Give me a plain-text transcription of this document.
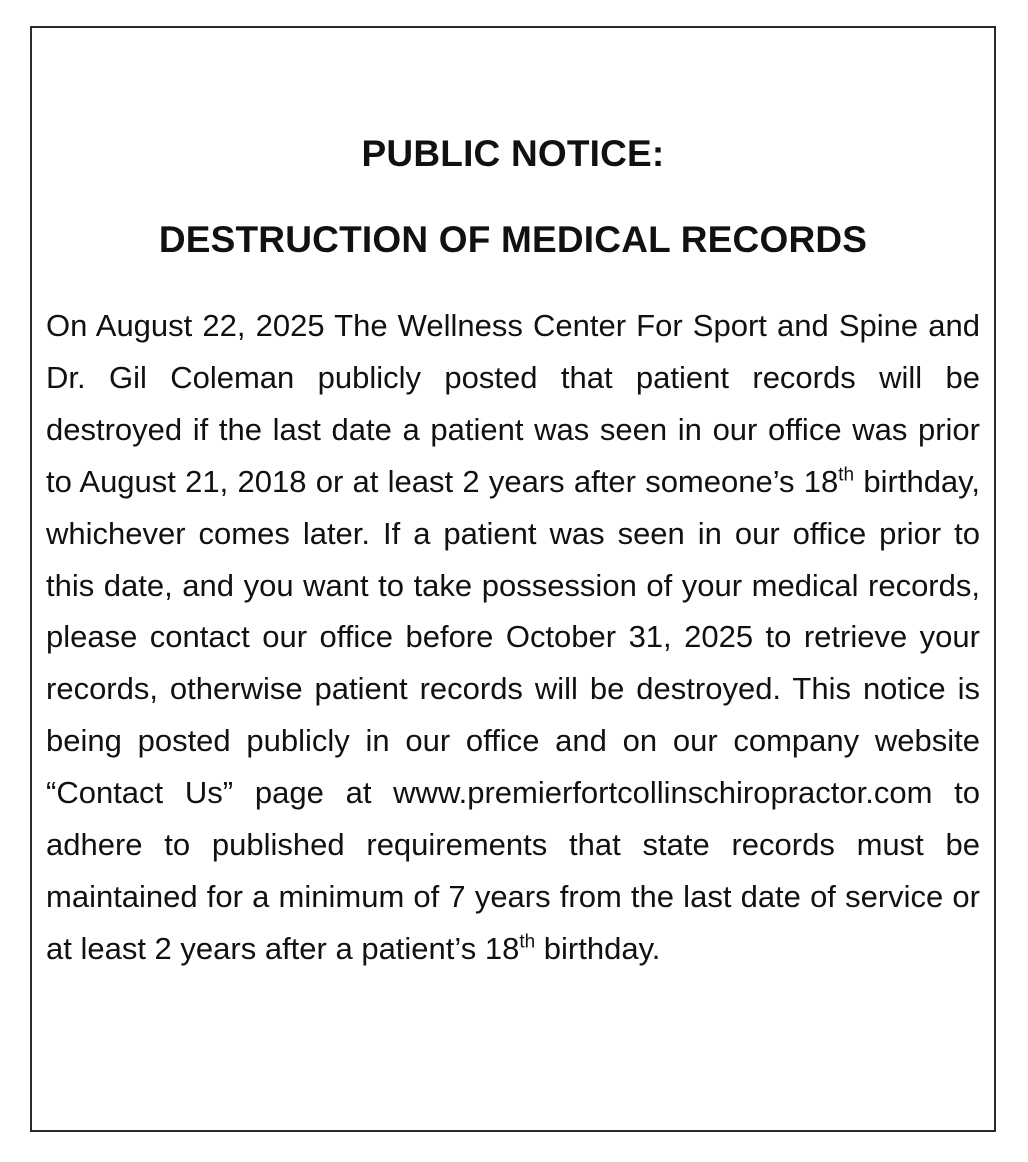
PUBLIC NOTICE:
DESTRUCTION OF MEDICAL RECORDS

On August 22, 2025 The Wellness Center For Sport and Spine and Dr. Gil Coleman publicly posted that patient records will be destroyed if the last date a patient was seen in our office was prior to August 21, 2018 or at least 2 years after someone’s 18th birthday, whichever comes later. If a patient was seen in our office prior to this date, and you want to take possession of your medical records, please contact our office before October 31, 2025 to retrieve your records, otherwise patient records will be destroyed. This notice is being posted publicly in our office and on our company website “Contact Us” page at www.premierfortcollinschiropractor.com to adhere to published requirements that state records must be maintained for a minimum of 7 years from the last date of service or at least 2 years after a patient’s 18th birthday.
